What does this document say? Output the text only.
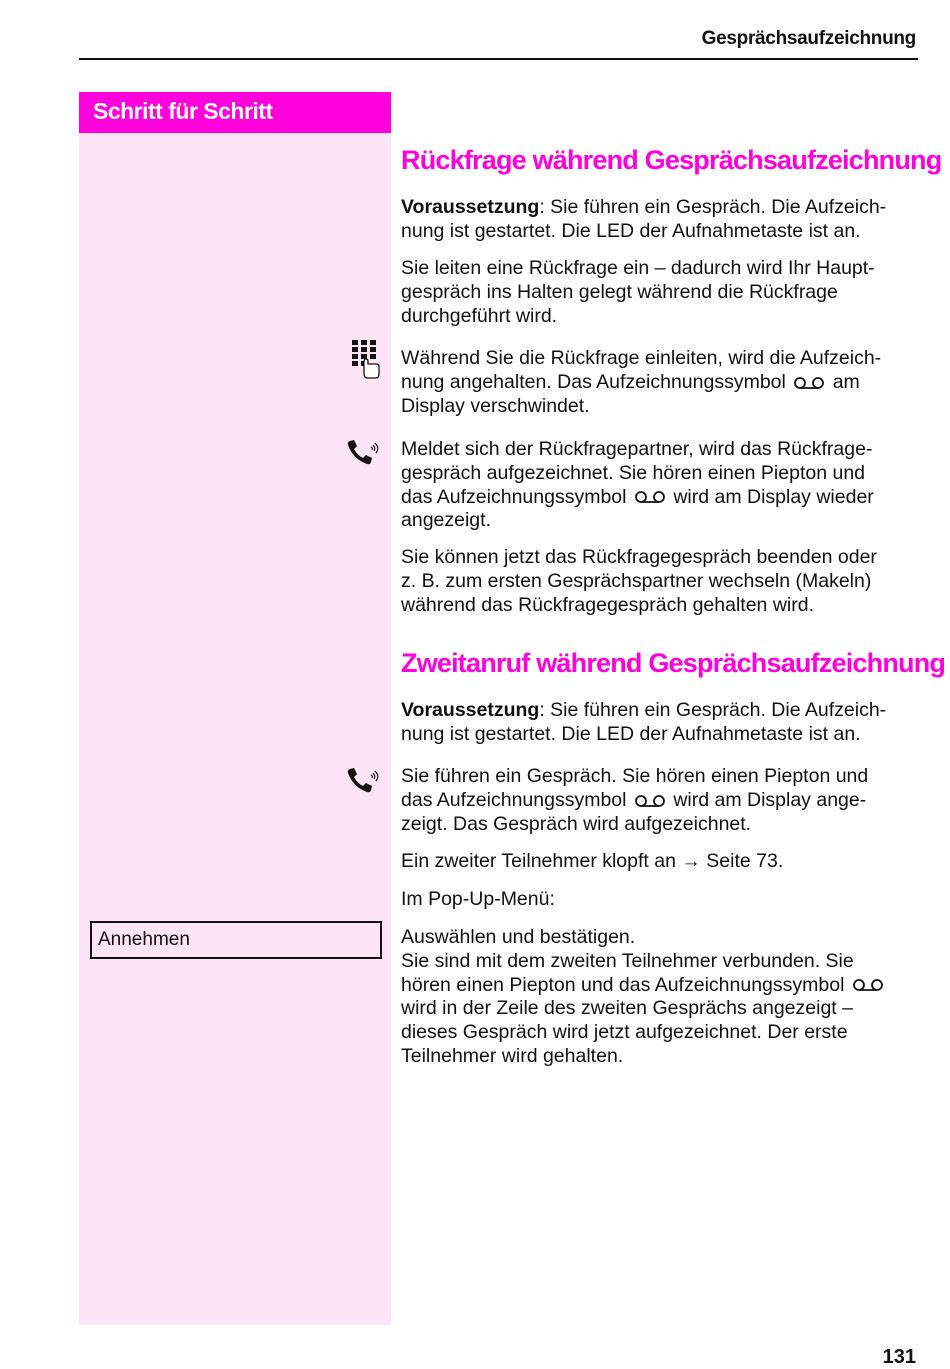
Gesprächsaufzeichnung
Schritt für Schritt
Rückfrage während Gesprächsaufzeichnung
Voraussetzung: Sie führen ein Gespräch. Die Aufzeich-
nung ist gestartet. Die LED der Aufnahmetaste ist an.
Sie leiten eine Rückfrage ein – dadurch wird Ihr Haupt-
gespräch ins Halten gelegt während die Rückfrage
durchgeführt wird.
Während Sie die Rückfrage einleiten, wird die Aufzeich-
nung angehalten. Das Aufzeichnungssymbol am
Display verschwindet.
Meldet sich der Rückfragepartner, wird das Rückfrage-
gespräch aufgezeichnet. Sie hören einen Piepton und
das Aufzeichnungssymbol wird am Display wieder
angezeigt.
Sie können jetzt das Rückfragegespräch beenden oder
z. B. zum ersten Gesprächspartner wechseln (Makeln)
während das Rückfragegespräch gehalten wird.
Zweitanruf während Gesprächsaufzeichnung
Voraussetzung: Sie führen ein Gespräch. Die Aufzeich-
nung ist gestartet. Die LED der Aufnahmetaste ist an.
Sie führen ein Gespräch. Sie hören einen Piepton und
das Aufzeichnungssymbol wird am Display ange-
zeigt. Das Gespräch wird aufgezeichnet.
Ein zweiter Teilnehmer klopft an → Seite 73.
Im Pop-Up-Menü:
Annehmen	Auswählen und bestätigen.
Sie sind mit dem zweiten Teilnehmer verbunden. Sie
hören einen Piepton und das Aufzeichnungssymbol
wird in der Zeile des zweiten Gesprächs angezeigt –
dieses Gespräch wird jetzt aufgezeichnet. Der erste
Teilnehmer wird gehalten.
131
